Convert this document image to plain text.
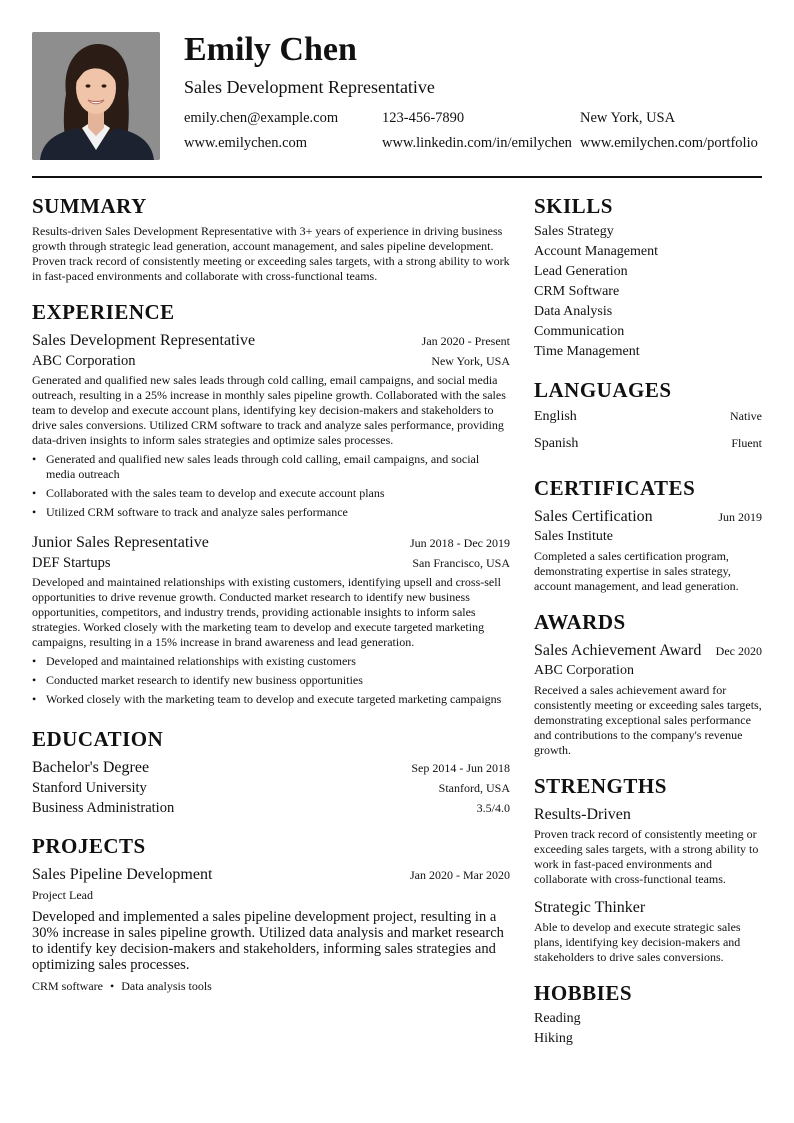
Emily Chen
Sales Development Representative
emily.chen@example.com	123-456-7890	New York, USA
www.emilychen.com	www.linkedin.com/in/emilychen www.emilychen.com/portfolio
SUMMARY

Results-driven Sales Development Representative with 3+ years of experience in driving business growth through strategic lead generation, account management, and sales pipeline development. Proven track record of consistently meeting or exceeding sales targets, with a strong ability to work in fast-paced environments and collaborate with cross-functional teams.

EXPERIENCE
Sales Development Representative	Jan 2020 - Present
ABC Corporation	New York, USA

Generated and qualified new sales leads through cold calling, email campaigns, and social media outreach, resulting in a 25% increase in monthly sales pipeline growth. Collaborated with the sales team to develop and execute account plans, identifying key decision-makers and stakeholders to drive sales conversions. Utilized CRM software to track and analyze sales performance, providing data-driven insights to inform sales strategies and optimize sales processes.

• Generated and qualified new sales leads through cold calling, email campaigns, and social media outreach
• Collaborated with the sales team to develop and execute account plans
• Utilized CRM software to track and analyze sales performance
Junior Sales Representative	Jun 2018 - Dec 2019
DEF Startups	San Francisco, USA

Developed and maintained relationships with existing customers, identifying upsell and cross-sell opportunities to drive revenue growth. Conducted market research to identify new business opportunities, competitors, and industry trends, providing actionable insights to inform sales strategies. Worked closely with the marketing team to develop and execute targeted marketing campaigns, resulting in a 15% increase in brand awareness and lead generation.

• Developed and maintained relationships with existing customers
• Conducted market research to identify new business opportunities
• Worked closely with the marketing team to develop and execute targeted marketing campaigns
EDUCATION
Bachelor's Degree	Sep 2014 - Jun 2018
Stanford University	Stanford, USA
Business Administration	3.5/4.0
PROJECTS
Sales Pipeline Development	Jan 2020 - Mar 2020
Project Lead

Developed and implemented a sales pipeline development project, resulting in a 30% increase in sales pipeline growth. Utilized data analysis and market research to identify key decision-makers and stakeholders, informing sales strategies and optimizing sales processes.

CRM software • Data analysis tools
SKILLS
Sales Strategy
Account Management
Lead Generation
CRM Software
Data Analysis
Communication
Time Management
LANGUAGES
English	Native
Spanish	Fluent
CERTIFICATES
Sales Certification	Jun 2019
Sales Institute

Completed a sales certification program, demonstrating expertise in sales strategy, account management, and lead generation.

AWARDS
Sales Achievement Award Dec 2020
ABC Corporation

Received a sales achievement award for consistently meeting or exceeding sales targets, demonstrating exceptional sales performance and contributions to the company's revenue growth.

STRENGTHS
Results-Driven

Proven track record of consistently meeting or exceeding sales targets, with a strong ability to work in fast-paced environments and collaborate with cross-functional teams.

Strategic Thinker

Able to develop and execute strategic sales plans, identifying key decision-makers and stakeholders to drive sales conversions.

HOBBIES
Reading
Hiking
